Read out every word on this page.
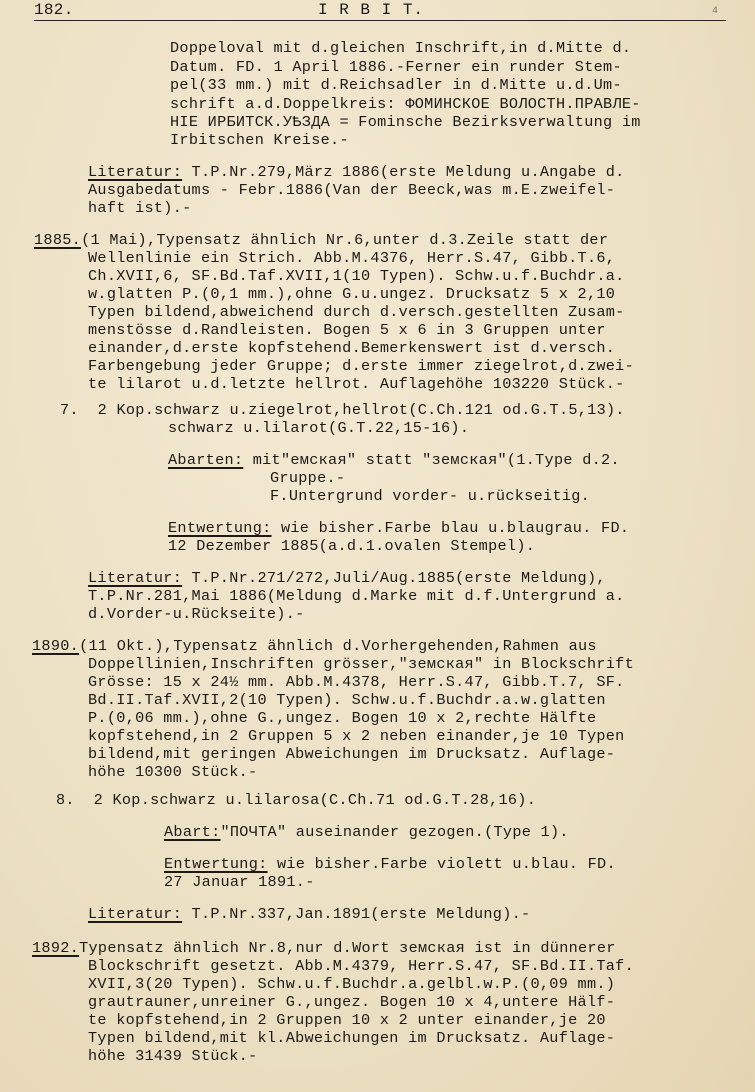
182.	I R B I T.	4
Doppeloval mit d.gleichen Inschrift,in d.Mitte d.
Datum. FD. 1 April 1886.-Ferner ein runder Stem-
pel(33 mm.) mit d.Reichsadler in d.Mitte u.d.Um-
schrift a.d.Doppelkreis: ФОМИНСКОЕ ВОЛОСТН.ПРАВЛЕ-
НІЕ ИРБИТСК.УѢЗДА = Fominsche Bezirksverwaltung im
Irbitschen Kreise.-
Literatur: T.P.Nr.279,März 1886(erste Meldung u.Angabe d.
Ausgabedatums - Febr.1886(Van der Beeck,was m.E.zweifel-
haft ist).-
1885.(1 Mai),Typensatz ähnlich Nr.6,unter d.3.Zeile statt der
Wellenlinie ein Strich. Abb.M.4376, Herr.S.47, Gibb.T.6,
Ch.XVII,6, SF.Bd.Taf.XVII,1(10 Typen). Schw.u.f.Buchdr.a.
w.glatten P.(0,1 mm.),ohne G.u.ungez. Drucksatz 5 x 2,10
Typen bildend,abweichend durch d.versch.gestellten Zusam-
menstösse d.Randleisten. Bogen 5 x 6 in 3 Gruppen unter
einander,d.erste kopfstehend.Bemerkenswert ist d.versch.
Farbengebung jeder Gruppe; d.erste immer ziegelrot,d.zwei-
te lilarot u.d.letzte hellrot. Auflagehöhe 103220 Stück.-
7.  2 Kop.schwarz u.ziegelrot,hellrot(C.Ch.121 od.G.T.5,13).
schwarz u.lilarot(G.T.22,15-16).
Abarten: mit"емская" statt "земская"(1.Type d.2.
Gruppe.-
F.Untergrund vorder- u.rückseitig.
Entwertung: wie bisher.Farbe blau u.blaugrau. FD.
12 Dezember 1885(a.d.1.ovalen Stempel).
Literatur: T.P.Nr.271/272,Juli/Aug.1885(erste Meldung),
T.P.Nr.281,Mai 1886(Meldung d.Marke mit d.f.Untergrund a.
d.Vorder-u.Rückseite).-
1890.(11 Okt.),Typensatz ähnlich d.Vorhergehenden,Rahmen aus
Doppellinien,Inschriften grösser,"земская" in Blockschrift
Grösse: 15 x 24½ mm. Abb.M.4378, Herr.S.47, Gibb.T.7, SF.
Bd.II.Taf.XVII,2(10 Typen). Schw.u.f.Buchdr.a.w.glatten
P.(0,06 mm.),ohne G.,ungez. Bogen 10 x 2,rechte Hälfte
kopfstehend,in 2 Gruppen 5 x 2 neben einander,je 10 Typen
bildend,mit geringen Abweichungen im Drucksatz. Auflage-
höhe 10300 Stück.-
8.  2 Kop.schwarz u.lilarosa(C.Ch.71 od.G.T.28,16).
Abart:"ПОЧТА" auseinander gezogen.(Type 1).
Entwertung: wie bisher.Farbe violett u.blau. FD.
27 Januar 1891.-
Literatur: T.P.Nr.337,Jan.1891(erste Meldung).-
1892.Typensatz ähnlich Nr.8,nur d.Wort земская ist in dünnerer
Blockschrift gesetzt. Abb.M.4379, Herr.S.47, SF.Bd.II.Taf.
XVII,3(20 Typen). Schw.u.f.Buchdr.a.gelbl.w.P.(0,09 mm.)
grautrauner,unreiner G.,ungez. Bogen 10 x 4,untere Hälf-
te kopfstehend,in 2 Gruppen 10 x 2 unter einander,je 20
Typen bildend,mit kl.Abweichungen im Drucksatz. Auflage-
höhe 31439 Stück.-
